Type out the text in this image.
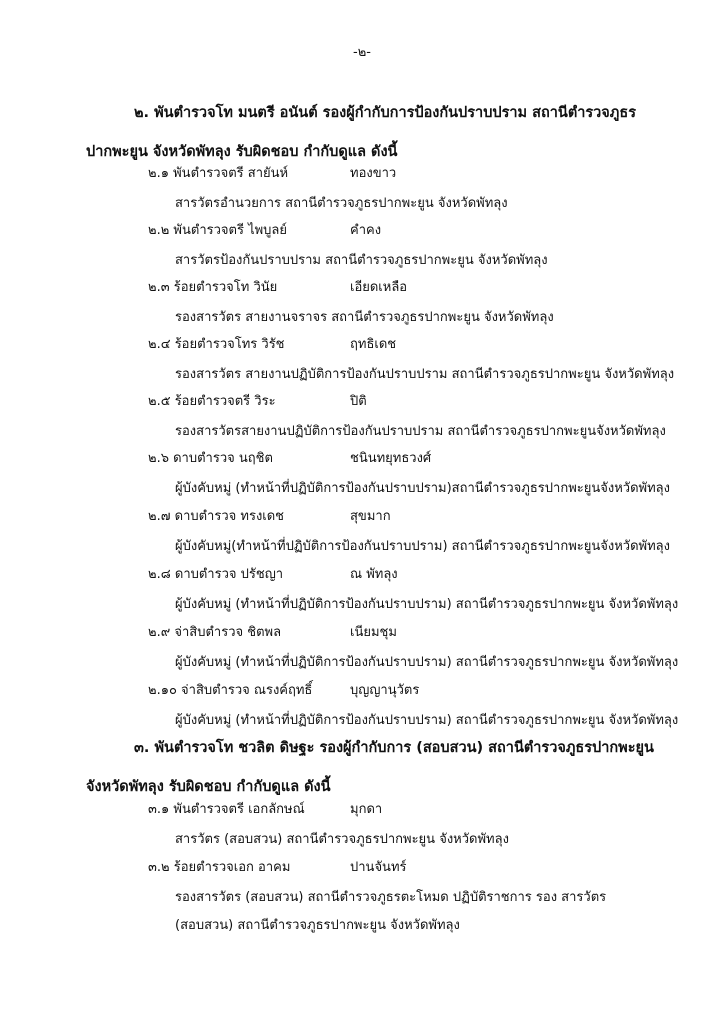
-๒-
๒. พันตำรวจโท มนตรี อนันต์ รองผู้กำกับการป้องกันปราบปราม สถานีตำรวจภูธร
ปากพะยูน จังหวัดพัทลุง รับผิดชอบ กำกับดูแล ดังนี้
๒.๑ พันตำรวจตรี สายันห์	ทองขาว
สารวัตรอำนวยการ สถานีตำรวจภูธรปากพะยูน จังหวัดพัทลุง
๒.๒ พันตำรวจตรี ไพบูลย์	คำคง
สารวัตรป้องกันปราบปราม สถานีตำรวจภูธรปากพะยูน จังหวัดพัทลุง
๒.๓ ร้อยตำรวจโท วินัย	เอียดเหลือ
รองสารวัตร สายงานจราจร สถานีตำรวจภูธรปากพะยูน จังหวัดพัทลุง
๒.๔ ร้อยตำรวจโทร วิรัช	ฤทธิเดช
รองสารวัตร สายงานปฏิบัติการป้องกันปราบปราม สถานีตำรวจภูธรปากพะยูน จังหวัดพัทลุง
๒.๕ ร้อยตำรวจตรี วิระ	ปิติ
รองสารวัตรสายงานปฏิบัติการป้องกันปราบปราม สถานีตำรวจภูธรปากพะยูนจังหวัดพัทลุง
๒.๖ ดาบตำรวจ นฤชิต	ชนินทยุทธวงศ์
ผู้บังคับหมู่ (ทำหน้าที่ปฏิบัติการป้องกันปราบปราม)สถานีตำรวจภูธรปากพะยูนจังหวัดพัทลุง
๒.๗ ดาบตำรวจ ทรงเดช	สุขมาก
ผู้บังคับหมู่(ทำหน้าที่ปฏิบัติการป้องกันปราบปราม) สถานีตำรวจภูธรปากพะยูนจังหวัดพัทลุง
๒.๘ ดาบตำรวจ ปรัชญา	ณ พัทลุง
ผู้บังคับหมู่ (ทำหน้าที่ปฏิบัติการป้องกันปราบปราม) สถานีตำรวจภูธรปากพะยูน จังหวัดพัทลุง
๒.๙ จ่าสิบตำรวจ ชิตพล	เนียมชุม
ผู้บังคับหมู่ (ทำหน้าที่ปฏิบัติการป้องกันปราบปราม) สถานีตำรวจภูธรปากพะยูน จังหวัดพัทลุง
๒.๑๐ จ่าสิบตำรวจ ณรงค์ฤทธิ์	บุญญานุวัตร
ผู้บังคับหมู่ (ทำหน้าที่ปฏิบัติการป้องกันปราบปราม) สถานีตำรวจภูธรปากพะยูน จังหวัดพัทลุง
๓. พันตำรวจโท ชวลิต ดิษฐะ รองผู้กำกับการ (สอบสวน) สถานีตำรวจภูธรปากพะยูน
จังหวัดพัทลุง รับผิดชอบ กำกับดูแล ดังนี้
๓.๑ พันตำรวจตรี เอกลักษณ์	มุกดา
สารวัตร (สอบสวน) สถานีตำรวจภูธรปากพะยูน จังหวัดพัทลุง
๓.๒ ร้อยตำรวจเอก อาคม	ปานจันทร์
รองสารวัตร (สอบสวน) สถานีตำรวจภูธรตะโหมด ปฏิบัติราชการ รอง สารวัตร
(สอบสวน) สถานีตำรวจภูธรปากพะยูน จังหวัดพัทลุง
